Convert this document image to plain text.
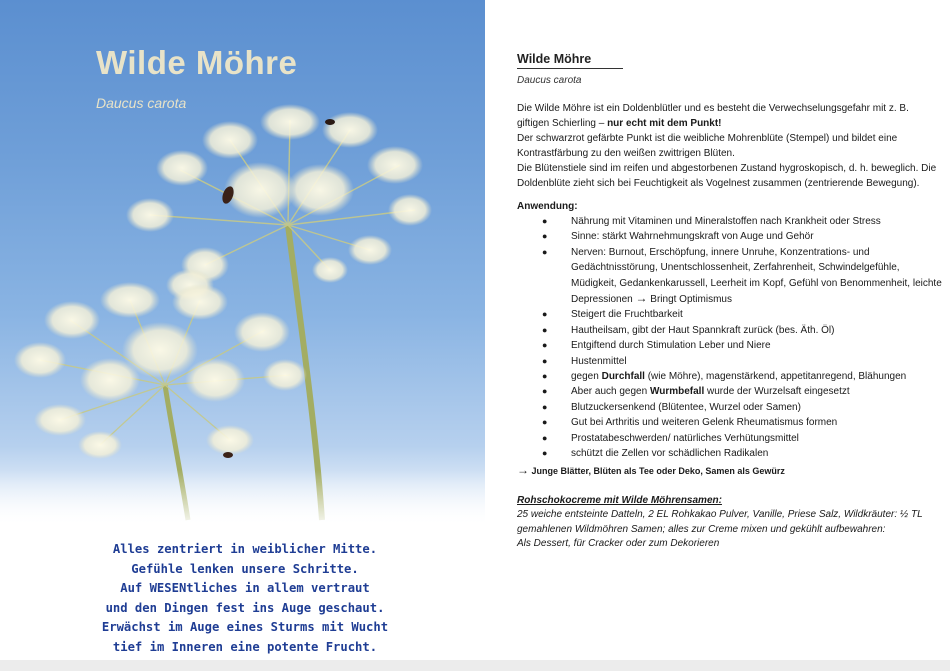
Wilde Möhre
Daucus carota
Alles zentriert in weiblicher Mitte.
Gefühle lenken unsere Schritte.
Auf WESENtliches in allem vertraut
und den Dingen fest ins Auge geschaut.
Erwächst im Auge eines Sturms mit Wucht
tief im Inneren eine potente Frucht.
Wilde Möhre
Daucus carota

Die Wilde Möhre ist ein Doldenblütler und es besteht die Verwechselungsgefahr mit z. B. giftigen Schierling – nur echt mit dem Punkt!

Der schwarzrot gefärbte Punkt ist die weibliche Mohrenblüte (Stempel) und bildet eine Kontrastfärbung zu den weißen zwittrigen Blüten.

Die Blütenstiele sind im reifen und abgestorbenen Zustand hygroskopisch, d. h. beweglich. Die Doldenblüte zieht sich bei Feuchtigkeit als Vogelnest zusammen (zentrierende Bewegung).

Anwendung:
● Nährung mit Vitaminen und Mineralstoffen nach Krankheit oder Stress
● Sinne: stärkt Wahrnehmungskraft von Auge und Gehör
● Nerven: Burnout, Erschöpfung, innere Unruhe, Konzentrations- und Gedächtnisstörung, Unentschlossenheit, Zerfahrenheit, Schwindelgefühle, Müdigkeit, Gedankenkarussell, Leerheit im Kopf, Gefühl von Benommenheit, leichte
Depressionen → Bringt Optimismus
● Steigert die Fruchtbarkeit
● Hautheilsam, gibt der Haut Spannkraft zurück (bes. Äth. Öl)
● Entgiftend durch Stimulation Leber und Niere
● Hustenmittel
● gegen Durchfall (wie Möhre), magenstärkend, appetitanregend, Blähungen
● Aber auch gegen Wurmbefall wurde der Wurzelsaft eingesetzt
● Blutzuckersenkend (Blütentee, Wurzel oder Samen)
● Gut bei Arthritis und weiteren Gelenk Rheumatismus formen
● Prostatabeschwerden/ natürliches Verhütungsmittel
● schützt die Zellen vor schädlichen Radikalen
→ Junge Blätter, Blüten als Tee oder Deko, Samen als Gewürz
Rohschokocreme mit Wilde Möhrensamen:
25 weiche entsteinte Datteln, 2 EL Rohkakao Pulver, Vanille, Priese Salz, Wildkräuter: ½ TL gemahlenen Wildmöhren Samen; alles zur Creme mixen und gekühlt aufbewahren:
Als Dessert, für Cracker oder zum Dekorieren
